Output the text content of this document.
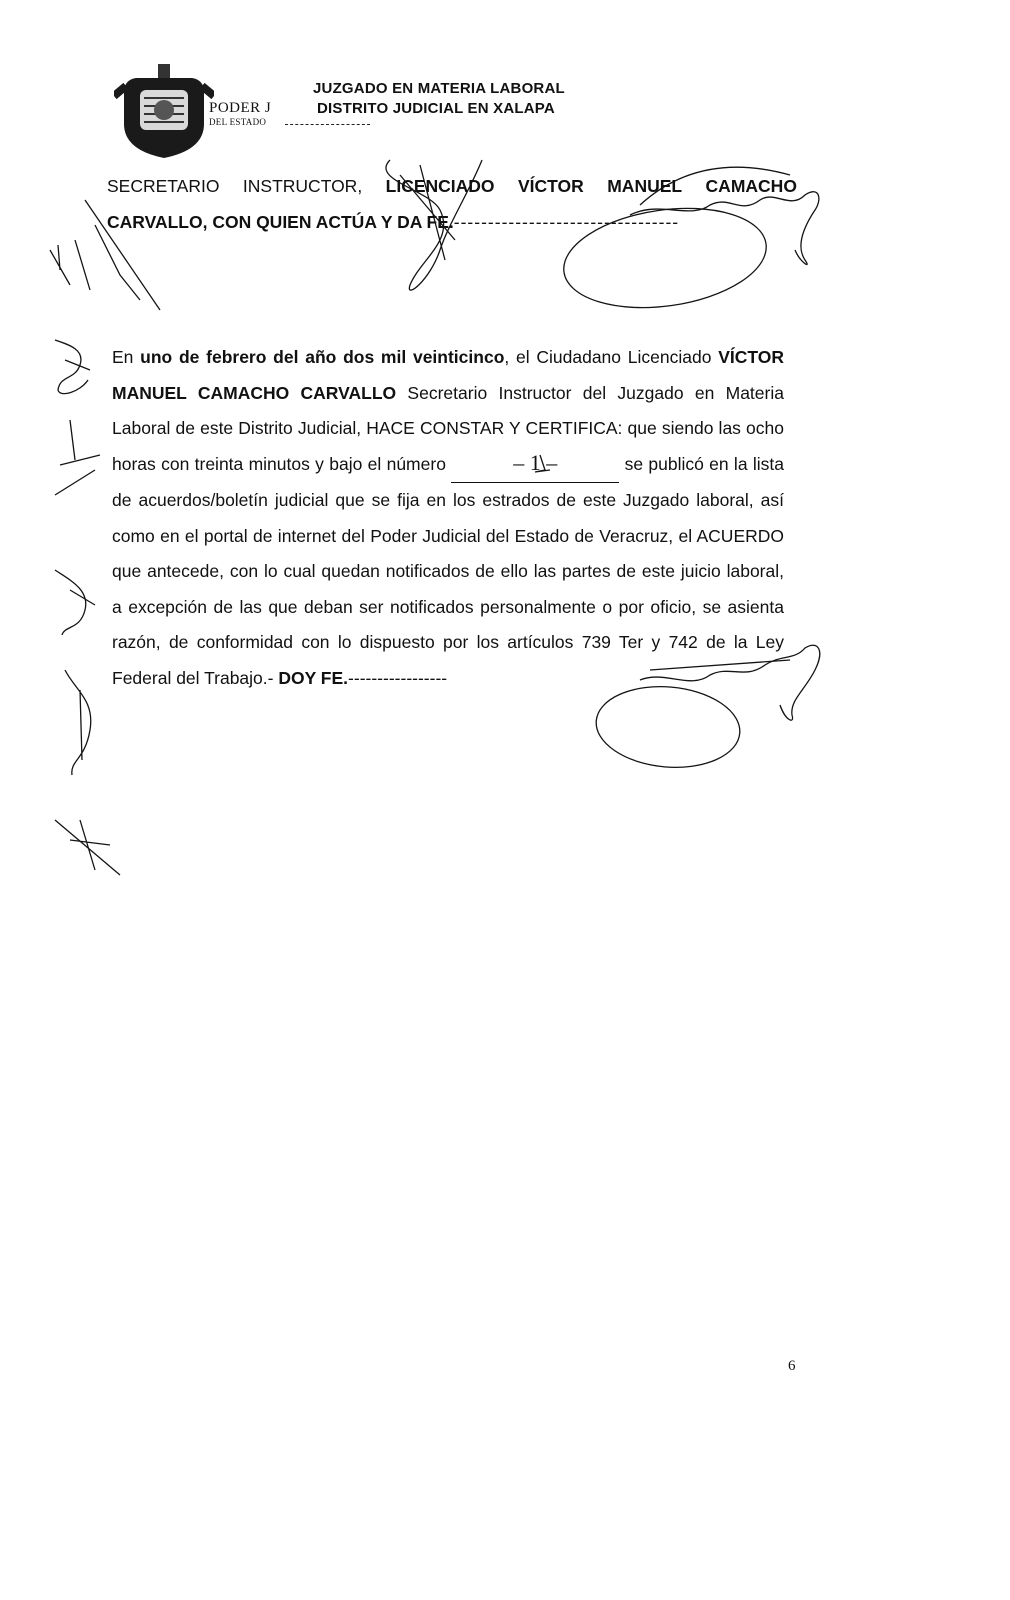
PODER J
DEL ESTADO
JUZGADO EN MATERIA LABORAL
DISTRITO JUDICIAL EN XALAPA
SECRETARIO INSTRUCTOR, LICENCIADO VÍCTOR MANUEL CAMACHO
CARVALLO, CON QUIEN ACTÚA Y DA FE.---------------------------------
En uno de febrero del año dos mil veinticinco, el Ciudadano Licenciado VÍCTOR MANUEL CAMACHO CARVALLO Secretario Instructor del Juzgado en Materia Laboral de este Distrito Judicial, HACE CONSTAR Y CERTIFICA: que siendo las ocho horas con treinta minutos y bajo el número	– 1 –	se publicó en la lista de acuerdos/boletín judicial que se fija en los estrados de este Juzgado laboral, así como en el portal de internet del Poder Judicial del Estado de Veracruz, el ACUERDO que antecede, con lo cual quedan notificados de ello las partes de este juicio laboral, a excepción de las que deban ser notificados personalmente o por oficio, se asienta razón, de conformidad con lo dispuesto por los artículos 739 Ter y 742 de la Ley Federal del Trabajo.- DOY FE.-----------------
6
